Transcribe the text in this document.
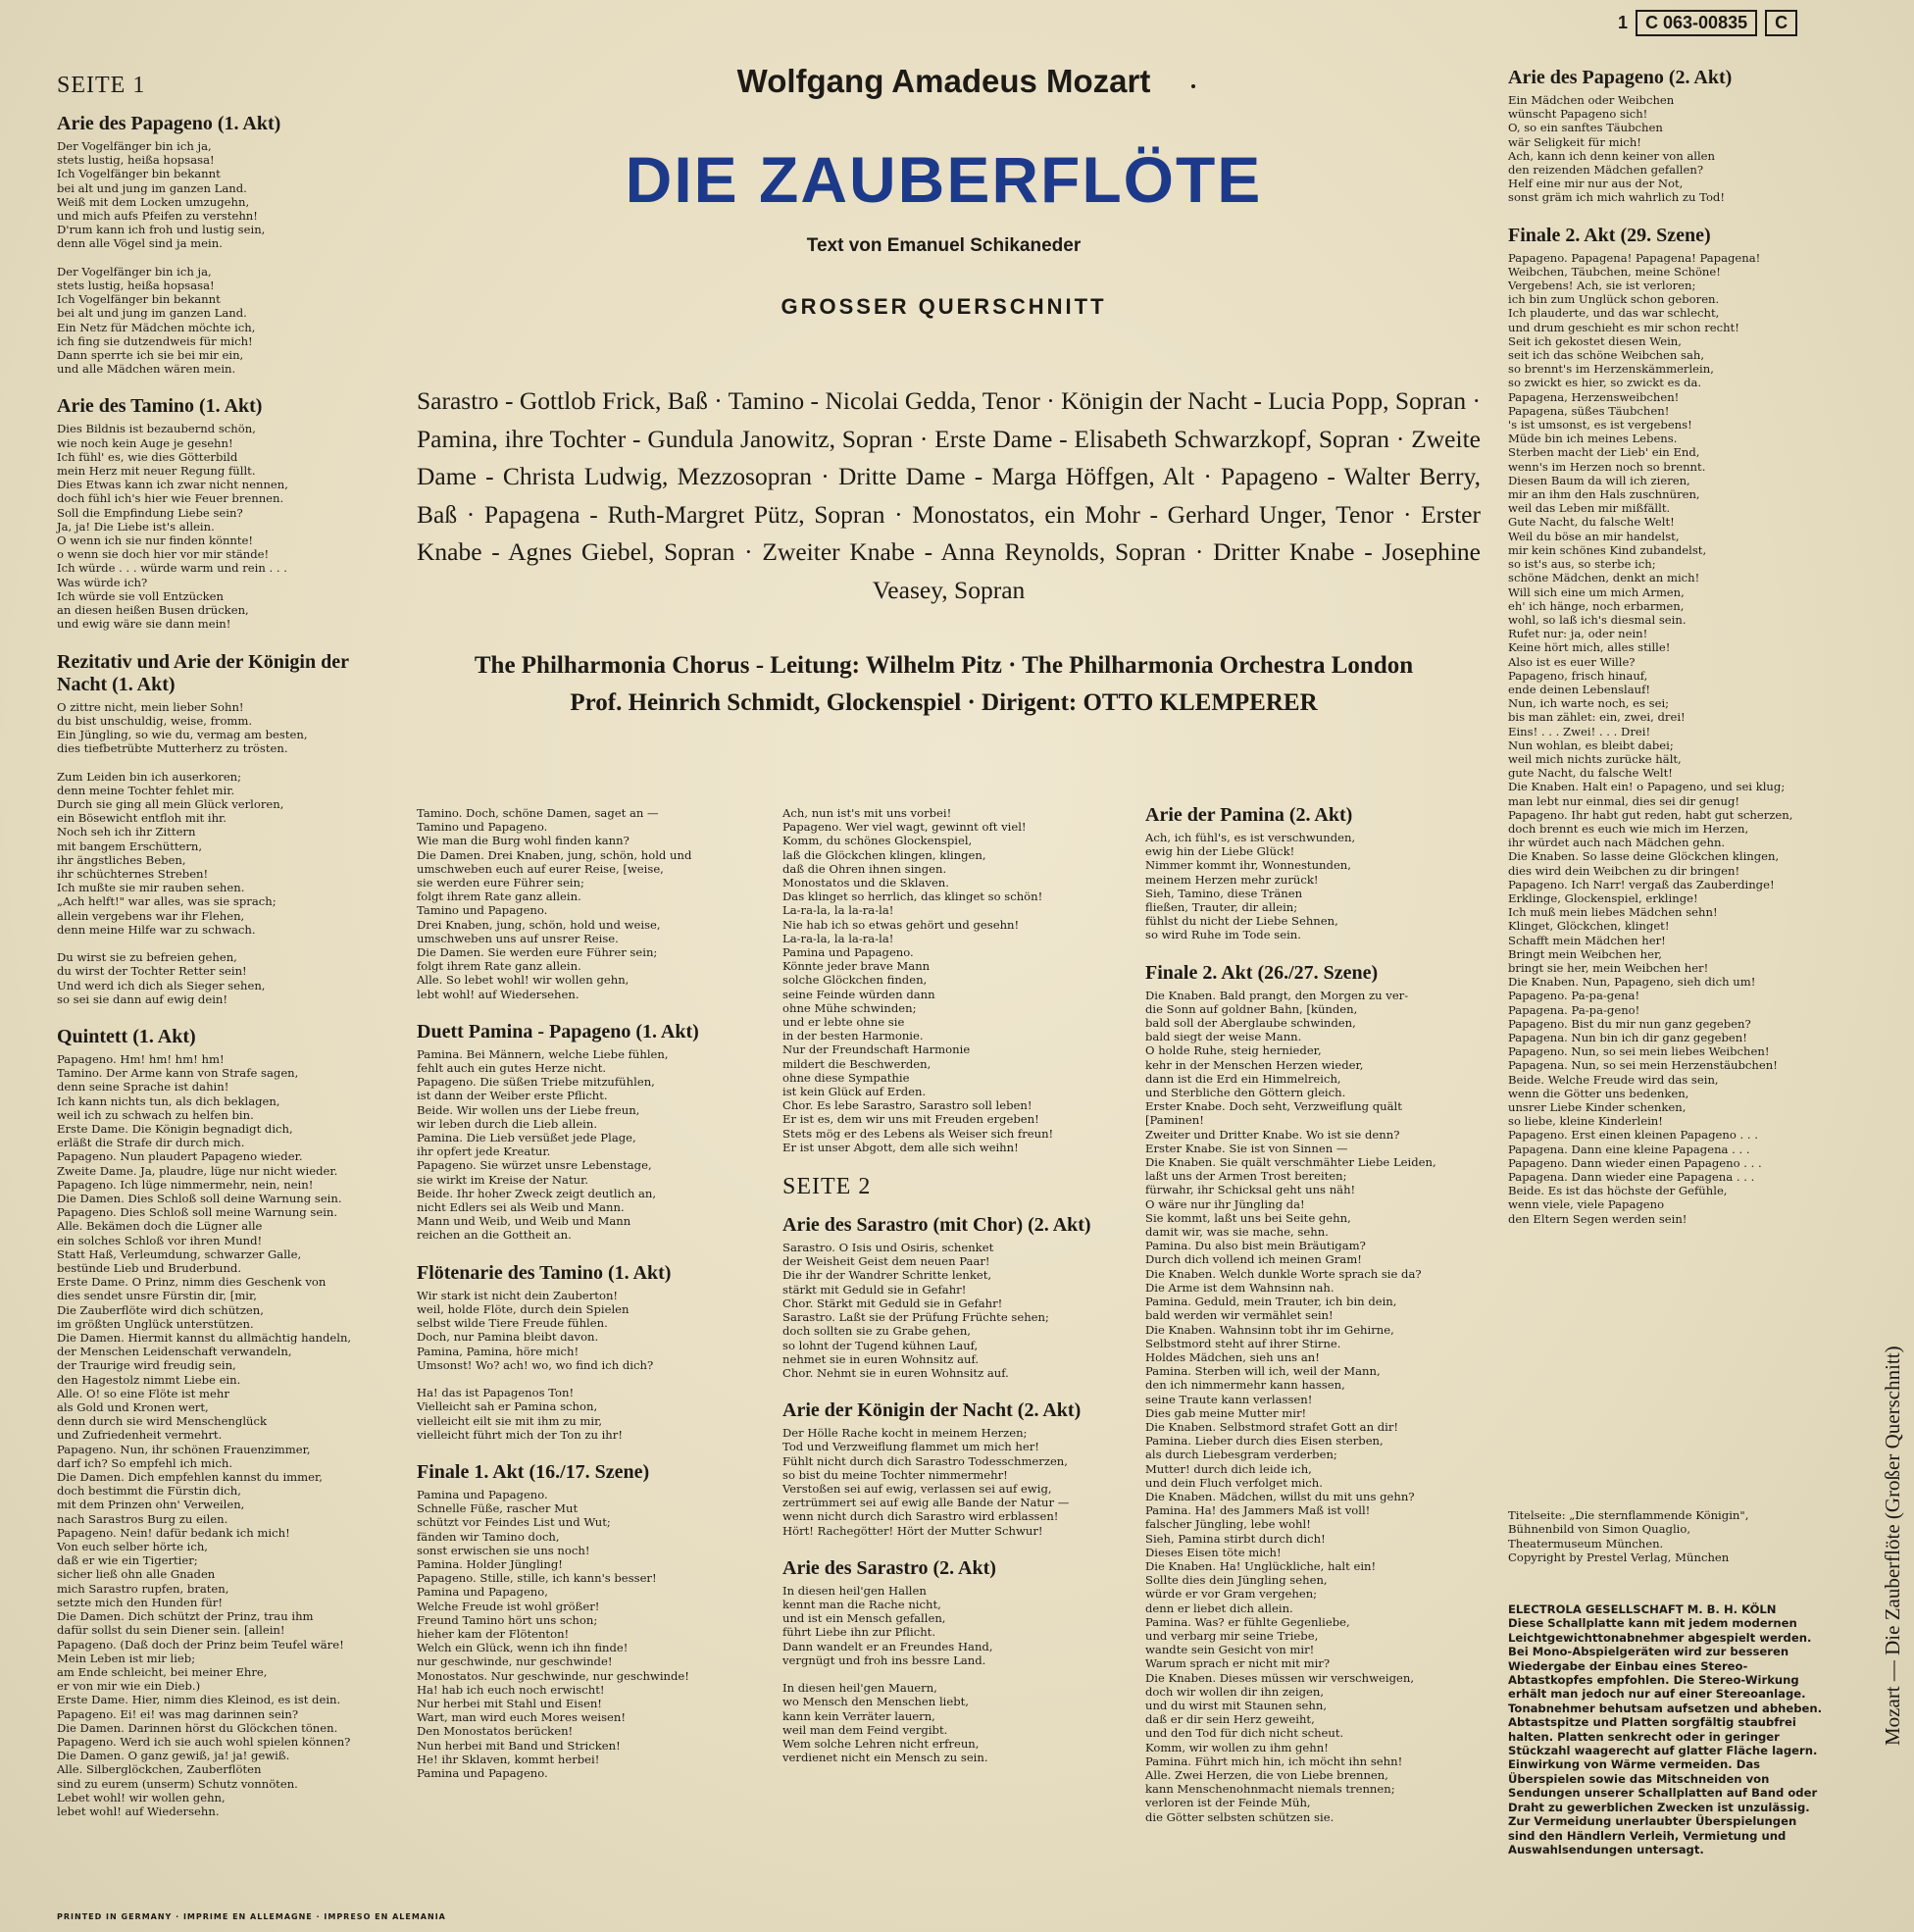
1	C 063-00835	C
Wolfgang Amadeus Mozart
DIE ZAUBERFLÖTE
Text von Emanuel Schikaneder
GROSSER QUERSCHNITT
Sarastro - Gottlob Frick, Baß · Tamino - Nicolai Gedda, Tenor · Königin der Nacht - Lucia Popp, Sopran · Pamina, ihre Tochter - Gundula Janowitz, Sopran · Erste Dame - Elisabeth Schwarzkopf, Sopran · Zweite Dame - Christa Ludwig, Mezzosopran · Dritte Dame - Marga Höffgen, Alt · Papageno - Walter Berry, Baß · Papagena - Ruth-Margret Pütz, Sopran · Monostatos, ein Mohr - Gerhard Unger, Tenor · Erster Knabe - Agnes Giebel, Sopran · Zweiter Knabe - Anna Reynolds, Sopran · Dritter Knabe - Josephine Veasey, Sopran
The Philharmonia Chorus - Leitung: Wilhelm Pitz · The Philharmonia Orchestra London
Prof. Heinrich Schmidt, Glockenspiel · Dirigent: OTTO KLEMPERER
SEITE 1
Arie des Papageno (1. Akt)
Der Vogelfänger bin ich ja,
stets lustig, heißa hopsasa!
Ich Vogelfänger bin bekannt
bei alt und jung im ganzen Land.
Weiß mit dem Locken umzugehn,
und mich aufs Pfeifen zu verstehn!
D'rum kann ich froh und lustig sein,
denn alle Vögel sind ja mein.

Der Vogelfänger bin ich ja,
stets lustig, heißa hopsasa!
Ich Vogelfänger bin bekannt
bei alt und jung im ganzen Land.
Ein Netz für Mädchen möchte ich,
ich fing sie dutzendweis für mich!
Dann sperrte ich sie bei mir ein,
und alle Mädchen wären mein.
Arie des Tamino (1. Akt)
Dies Bildnis ist bezaubernd schön,
wie noch kein Auge je gesehn!
Ich fühl' es, wie dies Götterbild
mein Herz mit neuer Regung füllt.
Dies Etwas kann ich zwar nicht nennen,
doch fühl ich's hier wie Feuer brennen.
Soll die Empfindung Liebe sein?
Ja, ja! Die Liebe ist's allein.
O wenn ich sie nur finden könnte!
o wenn sie doch hier vor mir stände!
Ich würde . . . würde warm und rein . . .
Was würde ich?
Ich würde sie voll Entzücken
an diesen heißen Busen drücken,
und ewig wäre sie dann mein!
Rezitativ und Arie der Königin der Nacht (1. Akt)
O zittre nicht, mein lieber Sohn!
du bist unschuldig, weise, fromm.
Ein Jüngling, so wie du, vermag am besten,
dies tiefbetrübte Mutterherz zu trösten.

Zum Leiden bin ich auserkoren;
denn meine Tochter fehlet mir.
Durch sie ging all mein Glück verloren,
ein Bösewicht entfloh mit ihr.
Noch seh ich ihr Zittern
mit bangem Erschüttern,
ihr ängstliches Beben,
ihr schüchternes Streben!
Ich mußte sie mir rauben sehen.
„Ach helft!" war alles, was sie sprach;
allein vergebens war ihr Flehen,
denn meine Hilfe war zu schwach.

Du wirst sie zu befreien gehen,
du wirst der Tochter Retter sein!
Und werd ich dich als Sieger sehen,
so sei sie dann auf ewig dein!
Quintett (1. Akt)
Papageno. Hm! hm! hm! hm!
Tamino. Der Arme kann von Strafe sagen,
denn seine Sprache ist dahin!
Ich kann nichts tun, als dich beklagen,
weil ich zu schwach zu helfen bin.
Erste Dame. Die Königin begnadigt dich,
erläßt die Strafe dir durch mich.
Papageno. Nun plaudert Papageno wieder.
Zweite Dame. Ja, plaudre, lüge nur nicht wieder.
Papageno. Ich lüge nimmermehr, nein, nein!
Die Damen. Dies Schloß soll deine Warnung sein.
Papageno. Dies Schloß soll meine Warnung sein.
Alle. Bekämen doch die Lügner alle
ein solches Schloß vor ihren Mund!
Statt Haß, Verleumdung, schwarzer Galle,
bestünde Lieb und Bruderbund.
Erste Dame. O Prinz, nimm dies Geschenk von
dies sendet unsre Fürstin dir, [mir,
Die Zauberflöte wird dich schützen,
im größten Unglück unterstützen.
Die Damen. Hiermit kannst du allmächtig handeln,
der Menschen Leidenschaft verwandeln,
der Traurige wird freudig sein,
den Hagestolz nimmt Liebe ein.
Alle. O! so eine Flöte ist mehr
als Gold und Kronen wert,
denn durch sie wird Menschenglück
und Zufriedenheit vermehrt.
Papageno. Nun, ihr schönen Frauenzimmer,
darf ich? So empfehl ich mich.
Die Damen. Dich empfehlen kannst du immer,
doch bestimmt die Fürstin dich,
mit dem Prinzen ohn' Verweilen,
nach Sarastros Burg zu eilen.
Papageno. Nein! dafür bedank ich mich!
Von euch selber hörte ich,
daß er wie ein Tigertier;
sicher ließ ohn alle Gnaden
mich Sarastro rupfen, braten,
setzte mich den Hunden für!
Die Damen. Dich schützt der Prinz, trau ihm
dafür sollst du sein Diener sein. [allein!
Papageno. (Daß doch der Prinz beim Teufel wäre!
Mein Leben ist mir lieb;
am Ende schleicht, bei meiner Ehre,
er von mir wie ein Dieb.)
Erste Dame. Hier, nimm dies Kleinod, es ist dein.
Papageno. Ei! ei! was mag darinnen sein?
Die Damen. Darinnen hörst du Glöckchen tönen.
Papageno. Werd ich sie auch wohl spielen können?
Die Damen. O ganz gewiß, ja! ja! gewiß.
Alle. Silberglöckchen, Zauberflöten
sind zu eurem (unserm) Schutz vonnöten.
Lebet wohl! wir wollen gehn,
lebet wohl! auf Wiedersehn.
Tamino. Doch, schöne Damen, saget an —
Tamino und Papageno.
Wie man die Burg wohl finden kann?
Die Damen. Drei Knaben, jung, schön, hold und
umschweben euch auf eurer Reise, [weise,
sie werden eure Führer sein;
folgt ihrem Rate ganz allein.
Tamino und Papageno.
Drei Knaben, jung, schön, hold und weise,
umschweben uns auf unsrer Reise.
Die Damen. Sie werden eure Führer sein;
folgt ihrem Rate ganz allein.
Alle. So lebet wohl! wir wollen gehn,
lebt wohl! auf Wiedersehen.
Duett Pamina - Papageno (1. Akt)
Pamina. Bei Männern, welche Liebe fühlen,
fehlt auch ein gutes Herze nicht.
Papageno. Die süßen Triebe mitzufühlen,
ist dann der Weiber erste Pflicht.
Beide. Wir wollen uns der Liebe freun,
wir leben durch die Lieb allein.
Pamina. Die Lieb versüßet jede Plage,
ihr opfert jede Kreatur.
Papageno. Sie würzet unsre Lebenstage,
sie wirkt im Kreise der Natur.
Beide. Ihr hoher Zweck zeigt deutlich an,
nicht Edlers sei als Weib und Mann.
Mann und Weib, und Weib und Mann
reichen an die Gottheit an.
Flötenarie des Tamino (1. Akt)
Wir stark ist nicht dein Zauberton!
weil, holde Flöte, durch dein Spielen
selbst wilde Tiere Freude fühlen.
Doch, nur Pamina bleibt davon.
Pamina, Pamina, höre mich!
Umsonst! Wo? ach! wo, wo find ich dich?

Ha! das ist Papagenos Ton!
Vielleicht sah er Pamina schon,
vielleicht eilt sie mit ihm zu mir,
vielleicht führt mich der Ton zu ihr!
Finale 1. Akt (16./17. Szene)
Pamina und Papageno.
Schnelle Füße, rascher Mut
schützt vor Feindes List und Wut;
fänden wir Tamino doch,
sonst erwischen sie uns noch!
Pamina. Holder Jüngling!
Papageno. Stille, stille, ich kann's besser!
Pamina und Papageno,
Welche Freude ist wohl größer!
Freund Tamino hört uns schon;
hieher kam der Flötenton!
Welch ein Glück, wenn ich ihn finde!
nur geschwinde, nur geschwinde!
Monostatos. Nur geschwinde, nur geschwinde!
Ha! hab ich euch noch erwischt!
Nur herbei mit Stahl und Eisen!
Wart, man wird euch Mores weisen!
Den Monostatos berücken!
Nun herbei mit Band und Stricken!
He! ihr Sklaven, kommt herbei!
Pamina und Papageno.
Ach, nun ist's mit uns vorbei!
Papageno. Wer viel wagt, gewinnt oft viel!
Komm, du schönes Glockenspiel,
laß die Glöckchen klingen, klingen,
daß die Ohren ihnen singen.
Monostatos und die Sklaven.
Das klinget so herrlich, das klinget so schön!
La-ra-la, la la-ra-la!
Nie hab ich so etwas gehört und gesehn!
La-ra-la, la la-ra-la!
Pamina und Papageno.
Könnte jeder brave Mann
solche Glöckchen finden,
seine Feinde würden dann
ohne Mühe schwinden;
und er lebte ohne sie
in der besten Harmonie.
Nur der Freundschaft Harmonie
mildert die Beschwerden,
ohne diese Sympathie
ist kein Glück auf Erden.
Chor. Es lebe Sarastro, Sarastro soll leben!
Er ist es, dem wir uns mit Freuden ergeben!
Stets mög er des Lebens als Weiser sich freun!
Er ist unser Abgott, dem alle sich weihn!
SEITE 2
Arie des Sarastro (mit Chor) (2. Akt)
Sarastro. O Isis und Osiris, schenket
der Weisheit Geist dem neuen Paar!
Die ihr der Wandrer Schritte lenket,
stärkt mit Geduld sie in Gefahr!
Chor. Stärkt mit Geduld sie in Gefahr!
Sarastro. Laßt sie der Prüfung Früchte sehen;
doch sollten sie zu Grabe gehen,
so lohnt der Tugend kühnen Lauf,
nehmet sie in euren Wohnsitz auf.
Chor. Nehmt sie in euren Wohnsitz auf.
Arie der Königin der Nacht (2. Akt)
Der Hölle Rache kocht in meinem Herzen;
Tod und Verzweiflung flammet um mich her!
Fühlt nicht durch dich Sarastro Todesschmerzen,
so bist du meine Tochter nimmermehr!
Verstoßen sei auf ewig, verlassen sei auf ewig,
zertrümmert sei auf ewig alle Bande der Natur —
wenn nicht durch dich Sarastro wird erblassen!
Hört! Rachegötter! Hört der Mutter Schwur!
Arie des Sarastro (2. Akt)
In diesen heil'gen Hallen
kennt man die Rache nicht,
und ist ein Mensch gefallen,
führt Liebe ihn zur Pflicht.
Dann wandelt er an Freundes Hand,
vergnügt und froh ins bessre Land.

In diesen heil'gen Mauern,
wo Mensch den Menschen liebt,
kann kein Verräter lauern,
weil man dem Feind vergibt.
Wem solche Lehren nicht erfreun,
verdienet nicht ein Mensch zu sein.
Arie der Pamina (2. Akt)
Ach, ich fühl's, es ist verschwunden,
ewig hin der Liebe Glück!
Nimmer kommt ihr, Wonnestunden,
meinem Herzen mehr zurück!
Sieh, Tamino, diese Tränen
fließen, Trauter, dir allein;
fühlst du nicht der Liebe Sehnen,
so wird Ruhe im Tode sein.
Finale 2. Akt (26./27. Szene)
Die Knaben. Bald prangt, den Morgen zu ver-
die Sonn auf goldner Bahn, [künden,
bald soll der Aberglaube schwinden,
bald siegt der weise Mann.
O holde Ruhe, steig hernieder,
kehr in der Menschen Herzen wieder,
dann ist die Erd ein Himmelreich,
und Sterbliche den Göttern gleich.
Erster Knabe. Doch seht, Verzweiflung quält
[Paminen!
Zweiter und Dritter Knabe. Wo ist sie denn?
Erster Knabe. Sie ist von Sinnen —
Die Knaben. Sie quält verschmähter Liebe Leiden,
laßt uns der Armen Trost bereiten;
fürwahr, ihr Schicksal geht uns näh!
O wäre nur ihr Jüngling da!
Sie kommt, laßt uns bei Seite gehn,
damit wir, was sie mache, sehn.
Pamina. Du also bist mein Bräutigam?
Durch dich vollend ich meinen Gram!
Die Knaben. Welch dunkle Worte sprach sie da?
Die Arme ist dem Wahnsinn nah.
Pamina. Geduld, mein Trauter, ich bin dein,
bald werden wir vermählet sein!
Die Knaben. Wahnsinn tobt ihr im Gehirne,
Selbstmord steht auf ihrer Stirne.
Holdes Mädchen, sieh uns an!
Pamina. Sterben will ich, weil der Mann,
den ich nimmermehr kann hassen,
seine Traute kann verlassen!
Dies gab meine Mutter mir!
Die Knaben. Selbstmord strafet Gott an dir!
Pamina. Lieber durch dies Eisen sterben,
als durch Liebesgram verderben;
Mutter! durch dich leide ich,
und dein Fluch verfolget mich.
Die Knaben. Mädchen, willst du mit uns gehn?
Pamina. Ha! des Jammers Maß ist voll!
falscher Jüngling, lebe wohl!
Sieh, Pamina stirbt durch dich!
Dieses Eisen töte mich!
Die Knaben. Ha! Unglückliche, halt ein!
Sollte dies dein Jüngling sehen,
würde er vor Gram vergehen;
denn er liebet dich allein.
Pamina. Was? er fühlte Gegenliebe,
und verbarg mir seine Triebe,
wandte sein Gesicht von mir!
Warum sprach er nicht mit mir?
Die Knaben. Dieses müssen wir verschweigen,
doch wir wollen dir ihn zeigen,
und du wirst mit Staunen sehn,
daß er dir sein Herz geweiht,
und den Tod für dich nicht scheut.
Komm, wir wollen zu ihm gehn!
Pamina. Führt mich hin, ich möcht ihn sehn!
Alle. Zwei Herzen, die von Liebe brennen,
kann Menschenohnmacht niemals trennen;
verloren ist der Feinde Müh,
die Götter selbsten schützen sie.
Arie des Papageno (2. Akt)
Ein Mädchen oder Weibchen
wünscht Papageno sich!
O, so ein sanftes Täubchen
wär Seligkeit für mich!
Ach, kann ich denn keiner von allen
den reizenden Mädchen gefallen?
Helf eine mir nur aus der Not,
sonst gräm ich mich wahrlich zu Tod!
Finale 2. Akt (29. Szene)
Papageno. Papagena! Papagena! Papagena!
Weibchen, Täubchen, meine Schöne!
Vergebens! Ach, sie ist verloren;
ich bin zum Unglück schon geboren.
Ich plauderte, und das war schlecht,
und drum geschieht es mir schon recht!
Seit ich gekostet diesen Wein,
seit ich das schöne Weibchen sah,
so brennt's im Herzenskämmerlein,
so zwickt es hier, so zwickt es da.
Papagena, Herzensweibchen!
Papagena, süßes Täubchen!
's ist umsonst, es ist vergebens!
Müde bin ich meines Lebens.
Sterben macht der Lieb' ein End,
wenn's im Herzen noch so brennt.
Diesen Baum da will ich zieren,
mir an ihm den Hals zuschnüren,
weil das Leben mir mißfällt.
Gute Nacht, du falsche Welt!
Weil du böse an mir handelst,
mir kein schönes Kind zubandelst,
so ist's aus, so sterbe ich;
schöne Mädchen, denkt an mich!
Will sich eine um mich Armen,
eh' ich hänge, noch erbarmen,
wohl, so laß ich's diesmal sein.
Rufet nur: ja, oder nein!
Keine hört mich, alles stille!
Also ist es euer Wille?
Papageno, frisch hinauf,
ende deinen Lebenslauf!
Nun, ich warte noch, es sei;
bis man zählet: ein, zwei, drei!
Eins! . . . Zwei! . . . Drei!
Nun wohlan, es bleibt dabei;
weil mich nichts zurücke hält,
gute Nacht, du falsche Welt!
Die Knaben. Halt ein! o Papageno, und sei klug;
man lebt nur einmal, dies sei dir genug!
Papageno. Ihr habt gut reden, habt gut scherzen,
doch brennt es euch wie mich im Herzen,
ihr würdet auch nach Mädchen gehn.
Die Knaben. So lasse deine Glöckchen klingen,
dies wird dein Weibchen zu dir bringen!
Papageno. Ich Narr! vergaß das Zauberdinge!
Erklinge, Glockenspiel, erklinge!
Ich muß mein liebes Mädchen sehn!
Klinget, Glöckchen, klinget!
Schafft mein Mädchen her!
Bringt mein Weibchen her,
bringt sie her, mein Weibchen her!
Die Knaben. Nun, Papageno, sieh dich um!
Papageno. Pa-pa-gena!
Papagena. Pa-pa-geno!
Papageno. Bist du mir nun ganz gegeben?
Papagena. Nun bin ich dir ganz gegeben!
Papageno. Nun, so sei mein liebes Weibchen!
Papagena. Nun, so sei mein Herzenstäubchen!
Beide. Welche Freude wird das sein,
wenn die Götter uns bedenken,
unsrer Liebe Kinder schenken,
so liebe, kleine Kinderlein!
Papageno. Erst einen kleinen Papageno . . .
Papagena. Dann eine kleine Papagena . . .
Papageno. Dann wieder einen Papageno . . .
Papagena. Dann wieder eine Papagena . . .
Beide. Es ist das höchste der Gefühle,
wenn viele, viele Papageno
den Eltern Segen werden sein!
Titelseite: „Die sternflammende Königin",
Bühnenbild von Simon Quaglio,
Theatermuseum München.
Copyright by Prestel Verlag, München
ELECTROLA GESELLSCHAFT M. B. H. KÖLN
Diese Schallplatte kann mit jedem modernen
Leichtgewichttonabnehmer abgespielt werden.
Bei Mono-Abspielgeräten wird zur besseren
Wiedergabe der Einbau eines Stereo-
Abtastkopfes empfohlen. Die Stereo-Wirkung
erhält man jedoch nur auf einer Stereoanlage.
Tonabnehmer behutsam aufsetzen und abheben.
Abtastspitze und Platten sorgfältig staubfrei
halten. Platten senkrecht oder in geringer
Stückzahl waagerecht auf glatter Fläche lagern.
Einwirkung von Wärme vermeiden. Das
Überspielen sowie das Mitschneiden von
Sendungen unserer Schallplatten auf Band oder
Draht zu gewerblichen Zwecken ist unzulässig.
Zur Vermeidung unerlaubter Überspielungen
sind den Händlern Verleih, Vermietung und
Auswahlsendungen untersagt.
Mozart — Die Zauberflöte (Großer Querschnitt)
PRINTED IN GERMANY · IMPRIME EN ALLEMAGNE · IMPRESO EN ALEMANIA
